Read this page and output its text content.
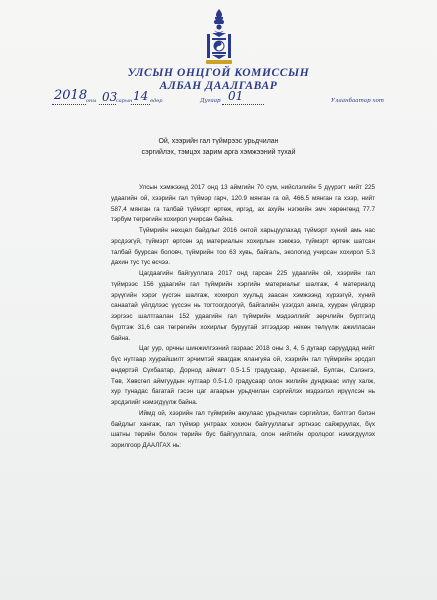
УЛСЫН ОНЦГОЙ КОМИССЫН
АЛБАН ДААЛГАВАР
2018
оны 03
сарын 14 өдөр	Дугаар 01	Улаанбаатар хот
Ой, хээрийн гал түймрээс урьдчилан
сэргийлэх, тэмцэх зарим арга хэмжээний тухай
Улсын хэмжээнд 2017 онд 13 аймгийн 70 сум, нийслэлийн 5 дүүрэгт нийт 225
удаагийн ой, хээрийн гал түймэр гарч, 120.9 мянган га ой, 466.5 мянган га хээр, нийт
587,4 мянган га талбай түймэрт өртөж, иргэд, ах ахуйн нэгжийн эмч хөрөнгөнд 77.7
тэрбум төгрөгийн хохирол учирсан байна.
Түймрийн нөхцөл байдлыг 2016 онтой харьцуулахад түймэрт хүний амь нас
эрсдээгүй, түймэрт өртсөн эд материалын хохирлын хэмжээ, түймэрт өртөж шатсан
талбай буурсан боловч, түймрийн тоо 63 хувь, байгаль, экологид учирсан хохирол 5.3
дахин тус тус өсчээ.
Цагдаагийн байгууллага 2017 онд гарсан 225 удаагийн ой, хээрийн гал
түймрээс 156 удаагийн гал түймрийн хэргийн материалыг шалгаж, 4 материалд
эрүүгийн хэрэг үүсгэн шалгаж, хохирол хуульд заасан хэмжээнд хүрээгүй, хүний
санаатай үйлдлээс үүссэн нь тогтоогдоогүй, байгалийн үзэгдэл аянга, хууран үйлдвэр
зэргээс шалтгаалан 152 удаагийн гал түймрийн мэдээллийг зөрчлийн бүртгэлд
бүртгэж 31,6 сая төгрөгийн хохирлыг буруутай этгээдээр нөхөн төлүүлж ажилласан
байна.
Цаг уур, орчны шинжилгээний газраас 2018 оны 3, 4, 5 дугаар сарууддад нийт
бүс нутгаар хуурайшилт эрчимтэй явагдаж ялангуяа ой, хээрийн гал түймрийн эрсдэл
өндөртэй Сүхбаатар, Дорнод аймагт 0.5-1.5 градусаар, Архангай, Булган, Сэлэнгэ,
Төв, Хөвсгөл аймгуудын нутгаар 0.5-1.0 градусаар олон жилийн дунджаас илүү халж,
хур тунадас багатай гэсэн цаг агаарын урьдчилан сэргийлэх мэдээлэл ирүүлсэн нь
эрсдэлийг нэмэгдүүлж байна.
Иймд ой, хээрийн гал түймрийн аюулаас урьдчилан сэргийлэх, бэлтгэл бэлэн
байдлыг хангаж, гал түймэр унтраах хохион байгууллагыг эртнээс сайжруулах, бүх
шатны төрийн болон төрийн бус байгууллага, олон нийтийн оролцоог нэмэгдүүлэх
зорилгоор ДААЛГАХ нь:
